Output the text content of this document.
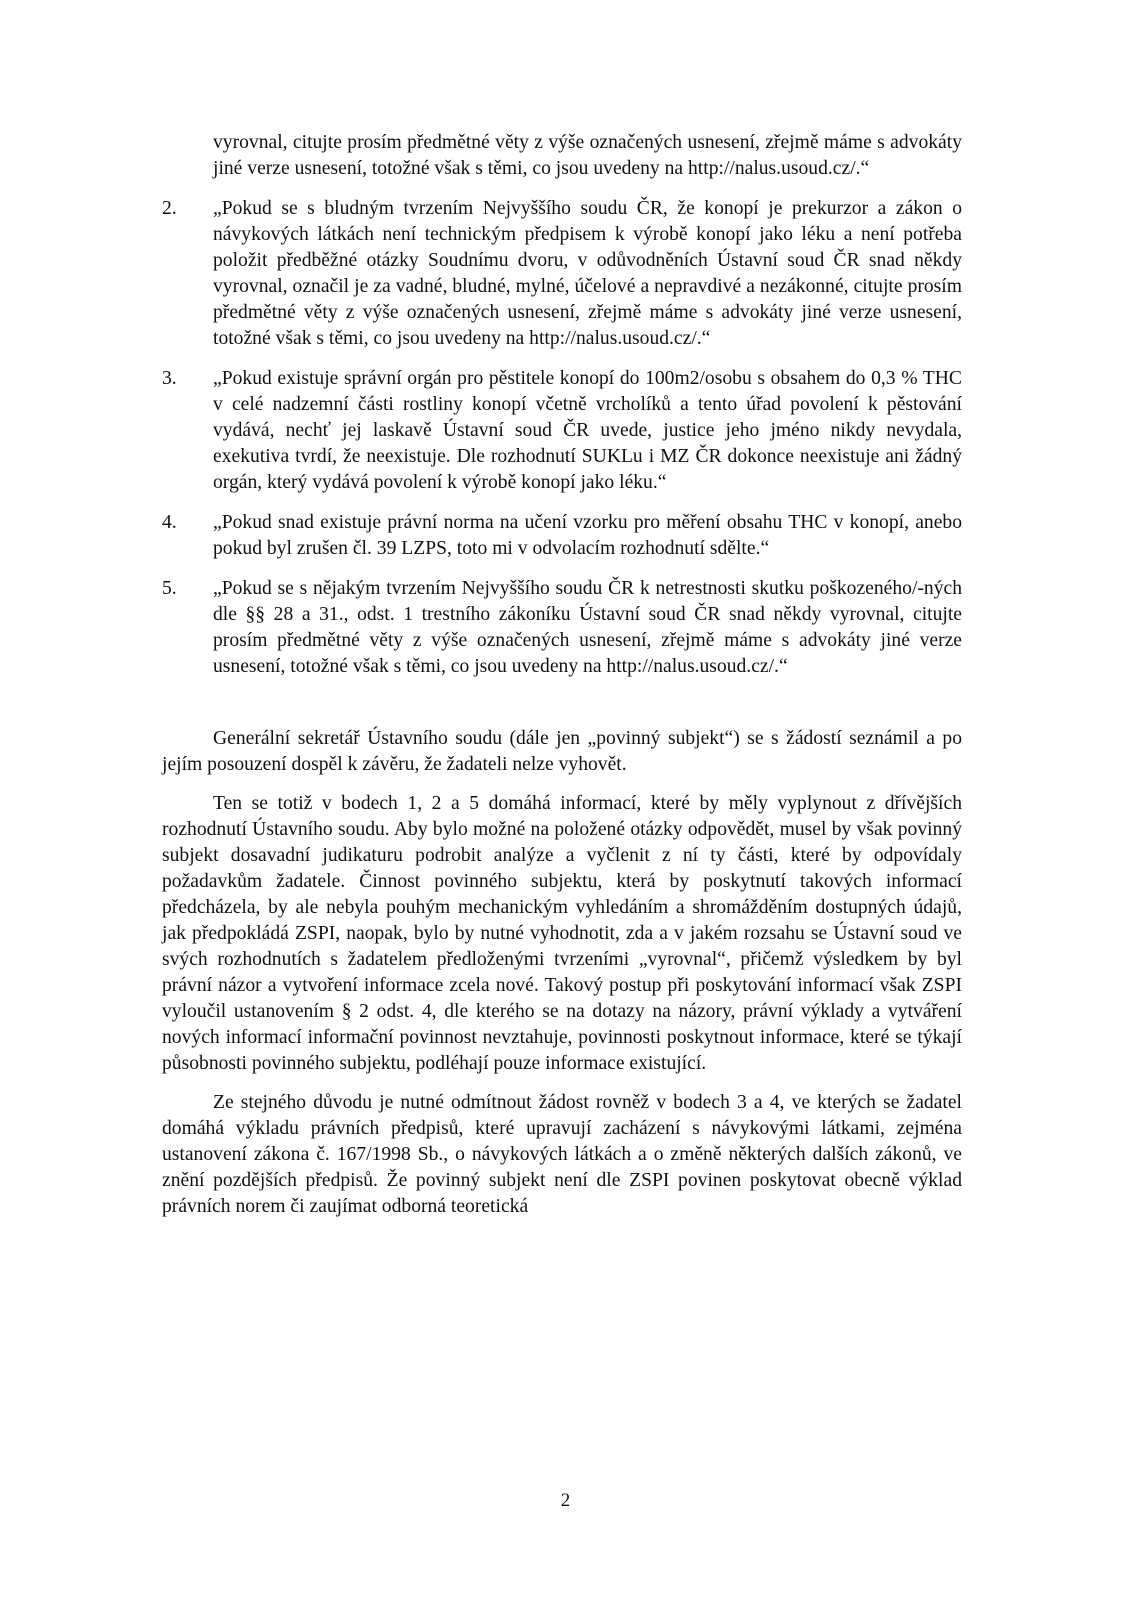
vyrovnal, citujte prosím předmětné věty z výše označených usnesení, zřejmě máme s advokáty jiné verze usnesení, totožné však s těmi, co jsou uvedeny na http://nalus.usoud.cz/.“

2.	„Pokud se s bludným tvrzením Nejvyššího soudu ČR, že konopí je prekurzor a zákon o návykových látkách není technickým předpisem k výrobě konopí jako léku a není potřeba položit předběžné otázky Soudnímu dvoru, v odůvodněních Ústavní soud ČR snad někdy vyrovnal, označil je za vadné, bludné, mylné, účelové a nepravdivé a nezákonné, citujte prosím předmětné věty z výše označených usnesení, zřejmě máme s advokáty jiné verze usnesení, totožné však s těmi, co jsou uvedeny na http://nalus.usoud.cz/.“
3.	„Pokud existuje správní orgán pro pěstitele konopí do 100m2/osobu s obsahem do 0,3 % THC v celé nadzemní části rostliny konopí včetně vrcholíků a tento úřad povolení k pěstování vydává, nechť jej laskavě Ústavní soud ČR uvede, justice jeho jméno nikdy nevydala, exekutiva tvrdí, že neexistuje. Dle rozhodnutí SUKLu i MZ ČR dokonce neexistuje ani žádný orgán, který vydává povolení k výrobě konopí jako léku.“
4.	„Pokud snad existuje právní norma na učení vzorku pro měření obsahu THC v konopí, anebo pokud byl zrušen čl. 39 LZPS, toto mi v odvolacím rozhodnutí sdělte.“
5.	„Pokud se s nějakým tvrzením Nejvyššího soudu ČR k netrestnosti skutku poškozeného/-ných dle §§ 28 a 31., odst. 1 trestního zákoníku Ústavní soud ČR snad někdy vyrovnal, citujte prosím předmětné věty z výše označených usnesení, zřejmě máme s advokáty jiné verze usnesení, totožné však s těmi, co jsou uvedeny na http://nalus.usoud.cz/.“

Generální sekretář Ústavního soudu (dále jen „povinný subjekt“) se s žádostí seznámil a po jejím posouzení dospěl k závěru, že žadateli nelze vyhovět.

Ten se totiž v bodech 1, 2 a 5 domáhá informací, které by měly vyplynout z dřívějších rozhodnutí Ústavního soudu. Aby bylo možné na položené otázky odpovědět, musel by však povinný subjekt dosavadní judikaturu podrobit analýze a vyčlenit z ní ty části, které by odpovídaly požadavkům žadatele. Činnost povinného subjektu, která by poskytnutí takových informací předcházela, by ale nebyla pouhým mechanickým vyhledáním a shromážděním dostupných údajů, jak předpokládá ZSPI, naopak, bylo by nutné vyhodnotit, zda a v jakém rozsahu se Ústavní soud ve svých rozhodnutích s žadatelem předloženými tvrzeními „vyrovnal“, přičemž výsledkem by byl právní názor a vytvoření informace zcela nové. Takový postup při poskytování informací však ZSPI vyloučil ustanovením § 2 odst. 4, dle kterého se na dotazy na názory, právní výklady a vytváření nových informací informační povinnost nevztahuje, povinnosti poskytnout informace, které se týkají působnosti povinného subjektu, podléhají pouze informace existující.

Ze stejného důvodu je nutné odmítnout žádost rovněž v bodech 3 a 4, ve kterých se žadatel domáhá výkladu právních předpisů, které upravují zacházení s návykovými látkami, zejména ustanovení zákona č. 167/1998 Sb., o návykových látkách a o změně některých dalších zákonů, ve znění pozdějších předpisů. Že povinný subjekt není dle ZSPI povinen poskytovat obecně výklad právních norem či zaujímat odborná teoretická

2
